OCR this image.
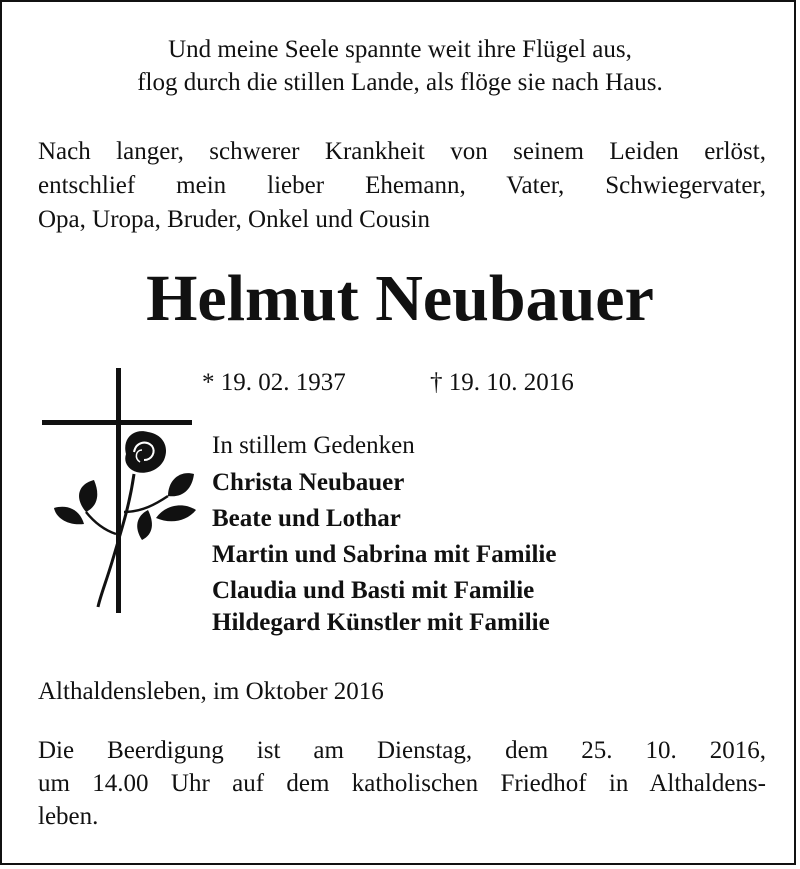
Und meine Seele spannte weit ihre Flügel aus,
flog durch die stillen Lande, als flöge sie nach Haus.
Nach langer, schwerer Krankheit von seinem Leiden erlöst,
entschlief mein lieber Ehemann, Vater, Schwiegervater,
Opa, Uropa, Bruder, Onkel und Cousin
Helmut Neubauer
* 19. 02. 1937	† 19. 10. 2016
In stillem Gedenken
Christa Neubauer
Beate und Lothar
Martin und Sabrina mit Familie
Claudia und Basti mit Familie
Hildegard Künstler mit Familie
Althaldensleben, im Oktober 2016
Die Beerdigung ist am Dienstag, dem 25. 10. 2016,
um 14.00 Uhr auf dem katholischen Friedhof in Althaldens-
leben.
